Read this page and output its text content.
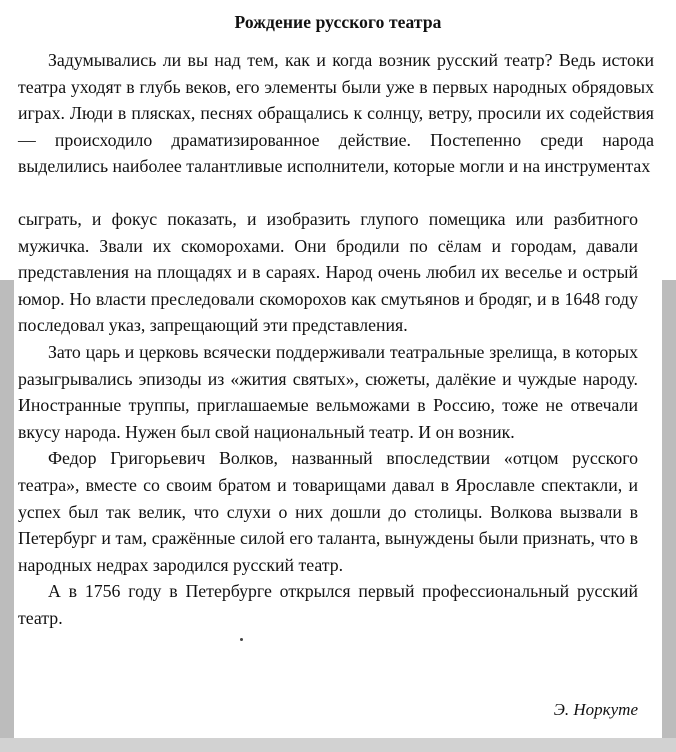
Рождение русского театра

Задумывались ли вы над тем, как и когда возник русский театр? Ведь истоки театра уходят в глубь веков, его элементы были уже в первых народных обрядовых играх. Люди в плясках, песнях обращались к солнцу, ветру, просили их содействия — происходило драматизированное действие. Постепенно среди народа выделились наиболее талантливые исполнители, которые могли и на инструментах

сыграть, и фокус показать, и изобразить глупого помещика или разбитного мужичка. Звали их скоморохами. Они бродили по сёлам и городам, давали представления на площадях и в сараях. Народ очень любил их веселье и острый юмор. Но власти преследовали скоморохов как смутьянов и бродяг, и в 1648 году последовал указ, запрещающий эти представления.

Зато царь и церковь всячески поддерживали театральные зрелища, в которых разыгрывались эпизоды из «жития святых», сюжеты, далёкие и чуждые народу. Иностранные труппы, приглашаемые вельможами в Россию, тоже не отвечали вкусу народа. Нужен был свой национальный театр. И он возник.

Федор Григорьевич Волков, названный впоследствии «отцом русского театра», вместе со своим братом и товарищами давал в Ярославле спектакли, и успех был так велик, что слухи о них дошли до столицы. Волкова вызвали в Петербург и там, сражённые силой его таланта, вынуждены были признать, что в народных недрах зародился русский театр.

А в 1756 году в Петербурге открылся первый профессиональный русский театр.

Э. Норкуте
